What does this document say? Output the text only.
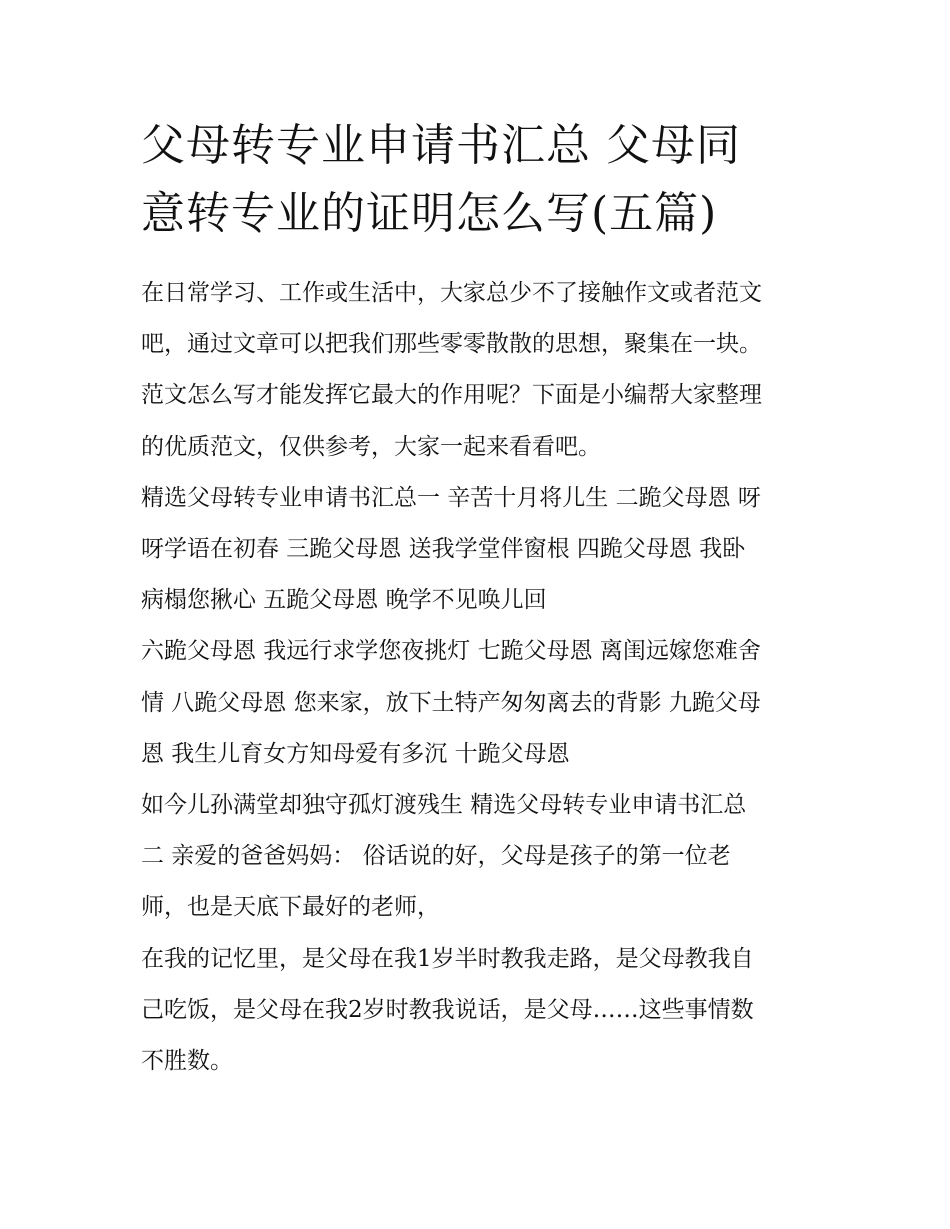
父母转专业申请书汇总 父母同
意转专业的证明怎么写(五篇)

在日常学习、工作或生活中，大家总少不了接触作文或者范文

吧，通过文章可以把我们那些零零散散的思想，聚集在一块。

范文怎么写才能发挥它最大的作用呢？下面是小编帮大家整理

的优质范文，仅供参考，大家一起来看看吧。

精选父母转专业申请书汇总一 辛苦十月将儿生 二跪父母恩 呀

呀学语在初春 三跪父母恩 送我学堂伴窗根 四跪父母恩 我卧

病榻您揪心 五跪父母恩 晚学不见唤儿回

六跪父母恩 我远行求学您夜挑灯 七跪父母恩 离闺远嫁您难舍

情 八跪父母恩 您来家，放下土特产匆匆离去的背影 九跪父母

恩 我生儿育女方知母爱有多沉 十跪父母恩

如今儿孙满堂却独守孤灯渡残生 精选父母转专业申请书汇总

二 亲爱的爸爸妈妈： 俗话说的好，父母是孩子的第一位老

师，也是天底下最好的老师，

在我的记忆里，是父母在我1岁半时教我走路，是父母教我自

己吃饭，是父母在我2岁时教我说话，是父母……这些事情数

不胜数。
